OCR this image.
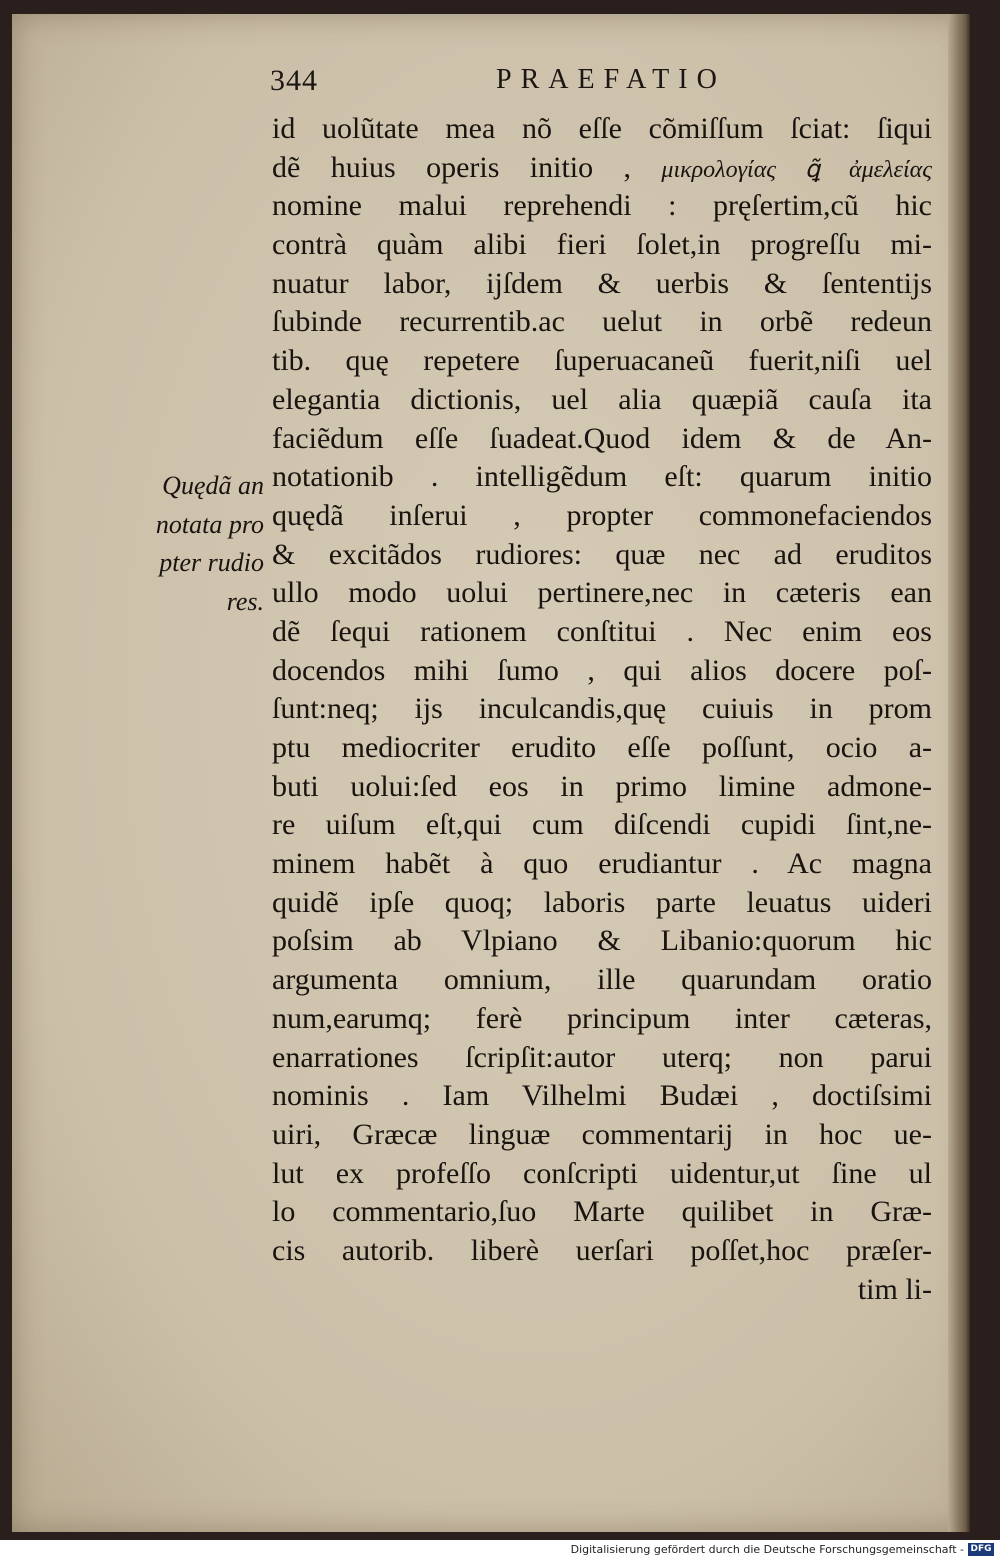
344	PRAEFATIO
id uolũtate mea nõ eſſe cõmiſſum ſciat: ſiqui
dẽ huius operis initio , μικρολογίας ꝗ̃ ἀμελείας
nomine malui reprehendi : pręſertim,cũ hic
contrà quàm alibi fieri ſolet,in progreſſu mi-
nuatur labor, ijſdem & uerbis & ſententijs
ſubinde recurrentib.ac uelut in orbẽ redeun
tib. quę repetere ſuperuacaneũ fuerit,niſi uel
elegantia dictionis, uel alia quæpiã cauſa ita
faciẽdum eſſe ſuadeat.Quod idem & de An-
notationib . intelligẽdum eſt: quarum initio
quędã inſerui , propter commonefaciendos
& excitãdos rudiores: quæ nec ad eruditos
ullo modo uolui pertinere,nec in cæteris ean
dẽ ſequi rationem conſtitui . Nec enim eos
docendos mihi ſumo , qui alios docere poſ-
ſunt:neq; ijs inculcandis,quę cuiuis in prom
ptu mediocriter erudito eſſe poſſunt, ocio a-
buti uolui:ſed eos in primo limine admone-
re uiſum eſt,qui cum diſcendi cupidi ſint,ne-
minem habẽt à quo erudiantur . Ac magna
quidẽ ipſe quoq; laboris parte leuatus uideri
poſsim ab Vlpiano & Libanio:quorum hic
argumenta omnium, ille quarundam oratio
num,earumq; ferè principum inter cæteras,
enarrationes ſcripſit:autor uterq; non parui
nominis . Iam Vilhelmi Budæi , doctiſsimi
uiri, Græcæ linguæ commentarij in hoc ue-
lut ex profeſſo conſcripti uidentur,ut ſine ul
lo commentario,ſuo Marte quilibet in Græ-
cis autorib. liberè uerſari poſſet,hoc præſer-
tim li-
Quędã an
notata pro
pter rudio
res.
Digitalisierung gefördert durch die Deutsche Forschungsgemeinschaft - DFG
